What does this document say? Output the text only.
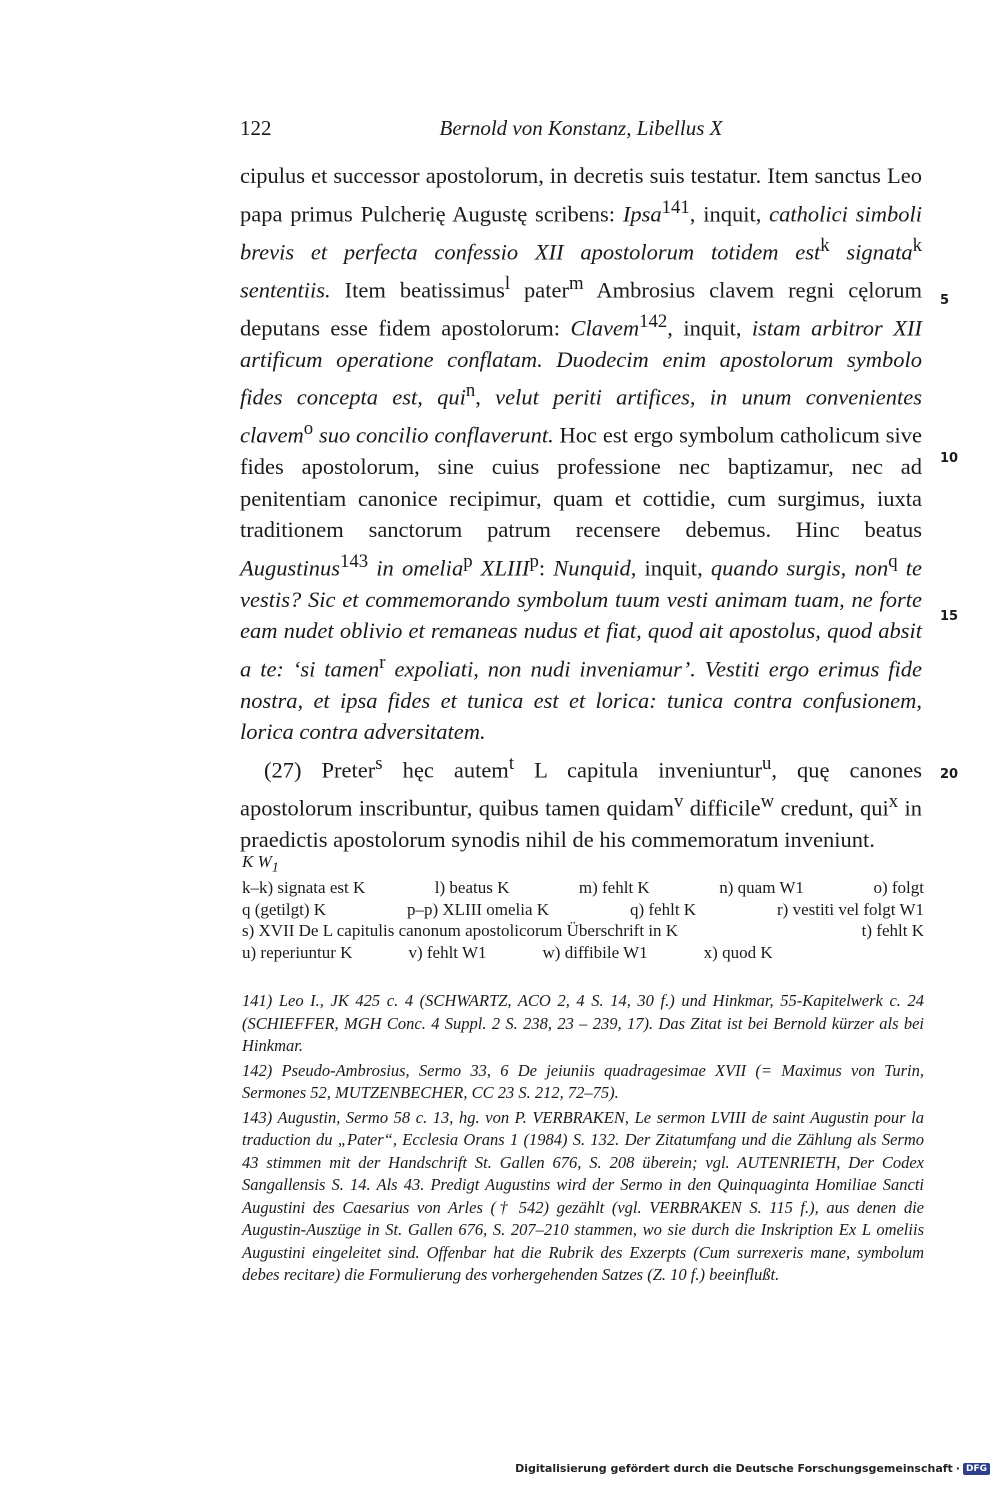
122	Bernold von Konstanz, Libellus X

cipulus et successor apostolorum, in decretis suis testatur. Item sanctus Leo papa primus Pulcherię Augustę scribens: Ipsa$^{141}$, inquit, catholici simboli brevis et perfecta confessio XII apostolorum totidem est$^k$ signata$^k$ sententiis. Item beatissimus$^l$ pater$^m$ Ambrosius clavem regni cęlorum deputans esse fidem apostolorum: Clavem$^{142}$, inquit, istam arbitror XII artificum operatione conflatam. Duodecim enim apostolorum symbolo fides concepta est, qui$^n$, velut periti artifices, in unum convenientes clavem$^o$ suo concilio conflaverunt. Hoc est ergo symbolum catholicum sive fides apostolorum, sine cuius professione nec baptizamur, nec ad penitentiam canonice recipimur, quam et cottidie, cum surgimus, iuxta traditionem sanctorum patrum recensere debemus. Hinc beatus Augustinus$^{143}$ in omelia$^p$ XLIII$^p$: Nunquid, inquit, quando surgis, non$^q$ te vestis? Sic et commemorando symbolum tuum vesti animam tuam, ne forte eam nudet oblivio et remaneas nudus et fiat, quod ait apostolus, quod absit a te: ‘si tamen$^r$ expoliati, non nudi inveniamur’. Vestiti ergo erimus fide nostra, et ipsa fides et tunica est et lorica: tunica contra confusionem, lorica contra adversitatem.

(27) Preter$^s$ hęc autem$^t$ L capitula inveniuntur$^u$, quę canones apostolorum inscribuntur, quibus tamen quidam$^v$ difficile$^w$ credunt, qui$^x$ in praedictis apostolorum synodis nihil de his commemoratum inveniunt.

5
10
15
20
K $W_1$
k–k) signata est K	l) beatus K	m) fehlt K	n) quam W1	o) folgt
q (getilgt) K	p–p) XLIII omelia K	q) fehlt K	r) vestiti vel folgt W1
s) XVII De L capitulis canonum apostolicorum Überschrift in K	t) fehlt K
u) reperiuntur K	v) fehlt W1	w) diffibile W1	x) quod K

141) Leo I., JK 425 c. 4 (SCHWARTZ, ACO 2, 4 S. 14, 30 f.) und Hinkmar, 55-Kapitelwerk c. 24 (SCHIEFFER, MGH Conc. 4 Suppl. 2 S. 238, 23 – 239, 17). Das Zitat ist bei Bernold kürzer als bei Hinkmar.

142) Pseudo-Ambrosius, Sermo 33, 6 De jeiuniis quadragesimae XVII (= Maximus von Turin, Sermones 52, MUTZENBECHER, CC 23 S. 212, 72–75).

143) Augustin, Sermo 58 c. 13, hg. von P. VERBRAKEN, Le sermon LVIII de saint Augustin pour la traduction du „Pater“, Ecclesia Orans 1 (1984) S. 132. Der Zitatumfang und die Zählung als Sermo 43 stimmen mit der Handschrift St. Gallen 676, S. 208 überein; vgl. AUTENRIETH, Der Codex Sangallensis S. 14. Als 43. Predigt Augustins wird der Sermo in den Quinquaginta Homiliae Sancti Augustini des Caesarius von Arles († 542) gezählt (vgl. VERBRAKEN S. 115 f.), aus denen die Augustin-Auszüge in St. Gallen 676, S. 207–210 stammen, wo sie durch die Inskription Ex L omeliis Augustini eingeleitet sind. Offenbar hat die Rubrik des Exzerpts (Cum surrexeris mane, symbolum debes recitare) die Formulierung des vorhergehenden Satzes (Z. 10 f.) beeinflußt.

Digitalisierung gefördert durch die Deutsche Forschungsgemeinschaft · DFG
